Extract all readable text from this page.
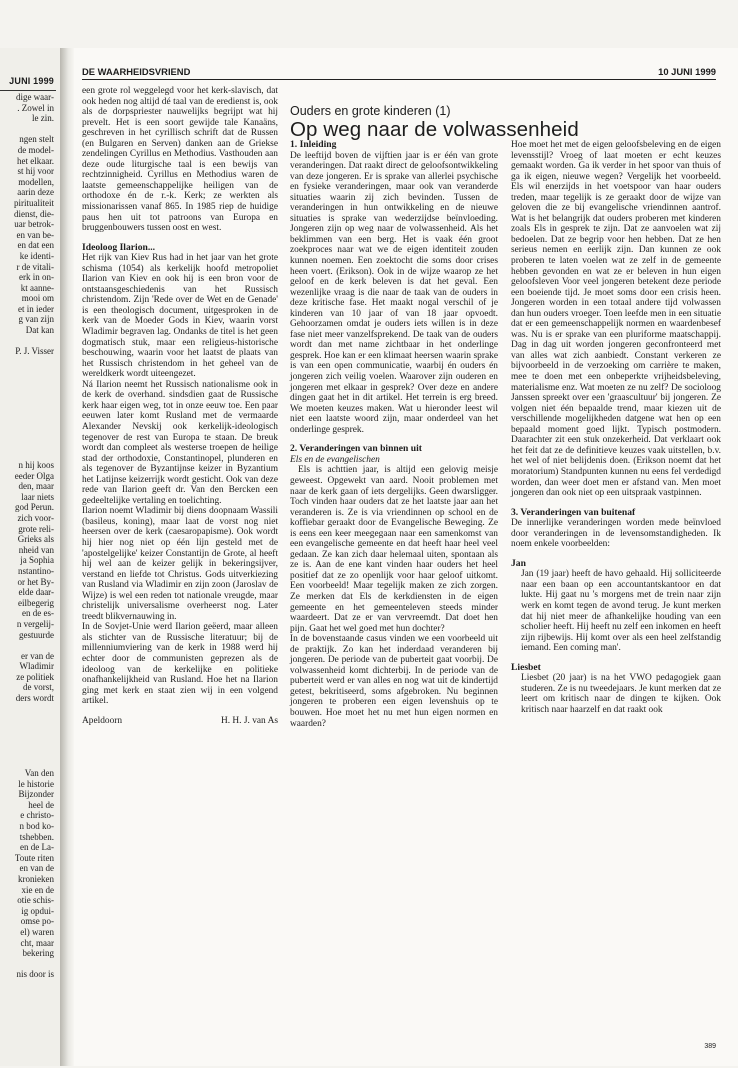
JUNI 1999
dige waar-
. Zowel in
le zin.

ngen stelt
de model-
het elkaar.
st hij voor
modellen,
aarin deze
piritualiteit
dienst, die-
uar betrok-
en van be-
en dat een
ke identi-
r de vitali-
erk in on-
kt aanne-
mooi om
et in ieder
g van zijn
Dat kan

P. J. Visser
n hij koos
eeder Olga
den, maar
laar niets
god Perun.
zich voor-
grote reli-
Grieks als
nheid van
ja Sophia
nstantino-
or het By-
elde daar-
eilbegerig
en de es-
n vergelij-
gestuurde

er van de
Wladimir
ze politiek
de vorst,
ders wordt
Van den
le historie
Bijzonder
heel de
e christo-
n bod ko-
tshebben.
en de La-
Toute riten
en van de
kronieken
xie en de
otie schis-
ig opdui-
omse po-
el) waren
cht, maar
bekering

nis door is
DE WAARHEIDSVRIEND	10 JUNI 1999

een grote rol weggelegd voor het kerk-slavisch, dat ook heden nog altijd dé taal van de eredienst is, ook als de dorpspriester nauwelijks begrijpt wat hij prevelt. Het is een soort gewijde tale Kanaäns, geschreven in het cyrillisch schrift dat de Russen (en Bulgaren en Serven) danken aan de Griekse zendelingen Cyrillus en Methodius. Vasthouden aan deze oude liturgische taal is een bewijs van rechtzinnigheid. Cyrillus en Methodius waren de laatste gemeenschappelijke heiligen van de orthodoxe én de r.-k. Kerk; ze werkten als missionarissen vanaf 865. In 1985 riep de huidige paus hen uit tot patroons van Europa en bruggenbouwers tussen oost en west.

Ideoloog Ilarion...

Het rijk van Kiev Rus had in het jaar van het grote schisma (1054) als kerkelijk hoofd metropoliet Ilarion van Kiev en ook hij is een bron voor de ontstaansgeschiedenis van het Russisch christendom. Zijn 'Rede over de Wet en de Genade' is een theologisch document, uitgesproken in de kerk van de Moeder Gods in Kiev, waarin vorst Wladimir begraven lag. Ondanks de titel is het geen dogmatisch stuk, maar een religieus-historische beschouwing, waarin voor het laatst de plaats van het Russisch christendom in het geheel van de wereldkerk wordt uiteengezet.

Ná Ilarion neemt het Russisch nationalisme ook in de kerk de overhand. sindsdien gaat de Russische kerk haar eigen weg, tot in onze eeuw toe. Een paar eeuwen later komt Rusland met de vermaarde Alexander Nevskij ook kerkelijk-ideologisch tegenover de rest van Europa te staan. De breuk wordt dan compleet als westerse troepen de heilige stad der orthodoxie, Constantinopel, plunderen en als tegenover de Byzantijnse keizer in Byzantium het Latijnse keizerrijk wordt gesticht. Ook van deze rede van Ilarion geeft dr. Van den Bercken een gedeeltelijke vertaling en toelichting.

Ilarion noemt Wladimir bij diens doopnaam Wassili (basileus, koning), maar laat de vorst nog niet heersen over de kerk (caesaropapisme). Ook wordt hij hier nog niet op één lijn gesteld met de 'apostelgelijke' keizer Constantijn de Grote, al heeft hij wel aan de keizer gelijk in bekeringsijver, verstand en liefde tot Christus. Gods uitverkiezing van Rusland via Wladimir en zijn zoon (Jaroslav de Wijze) is wel een reden tot nationale vreugde, maar christelijk universalisme overheerst nog. Later treedt blikvernauwing in.

In de Sovjet-Unie werd Ilarion geëerd, maar alleen als stichter van de Russische literatuur; bij de millenniumviering van de kerk in 1988 werd hij echter door de communisten geprezen als de ideoloog van de kerkelijke en politieke onafhankelijkheid van Rusland. Hoe het na Ilarion ging met kerk en staat zien wij in een volgend artikel.

Apeldoorn	H. H. J. van As
Ouders en grote kinderen (1)
Op weg naar de volwassenheid
1. Inleiding

De leeftijd boven de vijftien jaar is er één van grote veranderingen. Dat raakt direct de geloofsontwikkeling van deze jongeren. Er is sprake van allerlei psychische en fysieke veranderingen, maar ook van veranderde situaties waarin zij zich bevinden. Tussen de veranderingen in hun ontwikkeling en de nieuwe situaties is sprake van wederzijdse beïnvloeding. Jongeren zijn op weg naar de volwassenheid. Als het beklimmen van een berg. Het is vaak één groot zoekproces naar wat we de eigen identiteit zouden kunnen noemen. Een zoektocht die soms door crises heen voert. (Erikson). Ook in de wijze waarop ze het geloof en de kerk beleven is dat het geval. Een wezenlijke vraag is die naar de taak van de ouders in deze kritische fase. Het maakt nogal verschil of je kinderen van 10 jaar of van 18 jaar opvoedt. Gehoorzamen omdat je ouders iets willen is in deze fase niet meer vanzelfsprekend. De taak van de ouders wordt dan met name zichtbaar in het onderlinge gesprek. Hoe kan er een klimaat heersen waarin sprake is van een open communicatie, waarbij én ouders én jongeren zich veilig voelen. Waarover zijn ouderen en jongeren met elkaar in gesprek? Over deze en andere dingen gaat het in dit artikel. Het terrein is erg breed. We moeten keuzes maken. Wat u hieronder leest wil niet een laatste woord zijn, maar onderdeel van het onderlinge gesprek.

2. Veranderingen van binnen uit
Els en de evangelischen

Els is achttien jaar, is altijd een gelovig meisje geweest. Opgewekt van aard. Nooit problemen met naar de kerk gaan of iets dergelijks. Geen dwarsligger. Toch vinden haar ouders dat ze het laatste jaar aan het veranderen is. Ze is via vriendinnen op school en de koffiebar geraakt door de Evangelische Beweging. Ze is eens een keer meegegaan naar een samenkomst van een evangelische gemeente en dat heeft haar heel veel gedaan. Ze kan zich daar helemaal uiten, spontaan als ze is. Aan de ene kant vinden haar ouders het heel positief dat ze zo openlijk voor haar geloof uitkomt. Een voorbeeld! Maar tegelijk maken ze zich zorgen. Ze merken dat Els de kerkdiensten in de eigen gemeente en het gemeenteleven steeds minder waardeert. Dat ze er van vervreemdt. Dat doet hen pijn. Gaat het wel goed met hun dochter?

In de bovenstaande casus vinden we een voorbeeld uit de praktijk. Zo kan het inderdaad veranderen bij jongeren. De periode van de puberteit gaat voorbij. De volwassenheid komt dichterbij. In de periode van de puberteit werd er van alles en nog wat uit de kindertijd getest, bekritiseerd, soms afgebroken. Nu beginnen jongeren te proberen een eigen levenshuis op te bouwen. Hoe moet het nu met hun eigen normen en waarden?

Hoe moet het met de eigen geloofsbeleving en de eigen levensstijl? Vroeg of laat moeten er echt keuzes gemaakt worden. Ga ik verder in het spoor van thuis of ga ik eigen, nieuwe wegen? Vergelijk het voorbeeld. Els wil enerzijds in het voetspoor van haar ouders treden, maar tegelijk is ze geraakt door de wijze van geloven die ze bij evangelische vriendinnen aantrof. Wat is het belangrijk dat ouders proberen met kinderen zoals Els in gesprek te zijn. Dat ze aanvoelen wat zij bedoelen. Dat ze begrip voor hen hebben. Dat ze hen serieus nemen en eerlijk zijn. Dan kunnen ze ook proberen te laten voelen wat ze zelf in de gemeente hebben gevonden en wat ze er beleven in hun eigen geloofsleven Voor veel jongeren betekent deze periode een boeiende tijd. Je moet soms door een crisis heen. Jongeren worden in een totaal andere tijd volwassen dan hun ouders vroeger. Toen leefde men in een situatie dat er een gemeenschappelijk normen en waardenbesef was. Nu is er sprake van een pluriforme maatschappij. Dag in dag uit worden jongeren geconfronteerd met van alles wat zich aanbiedt. Constant verkeren ze bijvoorbeeld in de verzoeking om carrière te maken, mee te doen met een onbeperkte vrijheidsbeleving, materialisme enz. Wat moeten ze nu zelf? De socioloog Janssen spreekt over een 'graascultuur' bij jongeren. Ze volgen niet één bepaalde trend, maar kiezen uit de verschillende mogelijkheden datgene wat hen op een bepaald moment goed lijkt. Typisch postmodern. Daarachter zit een stuk onzekerheid. Dat verklaart ook het feit dat ze de definitieve keuzes vaak uitstellen, b.v. het wel of niet belijdenis doen. (Erikson noemt dat het moratorium) Standpunten kunnen nu eens fel verdedigd worden, dan weer doet men er afstand van. Men moet jongeren dan ook niet op een uitspraak vastpinnen.

3. Veranderingen van buitenaf

De innerlijke veranderingen worden mede beïnvloed door veranderingen in de levensomstandigheden. Ik noem enkele voorbeelden:

Jan

Jan (19 jaar) heeft de havo gehaald. Hij solliciteerde naar een baan op een accountantskantoor en dat lukte. Hij gaat nu 's morgens met de trein naar zijn werk en komt tegen de avond terug. Je kunt merken dat hij niet meer de afhankelijke houding van een scholier heeft. Hij heeft nu zelf een inkomen en heeft zijn rijbewijs. Hij komt over als een heel zelfstandig iemand. Een coming man'.

Liesbet

Liesbet (20 jaar) is na het VWO pedagogiek gaan studeren. Ze is nu tweedejaars. Je kunt merken dat ze leert om kritisch naar de dingen te kijken. Ook kritisch naar haarzelf en dat raakt ook

389
